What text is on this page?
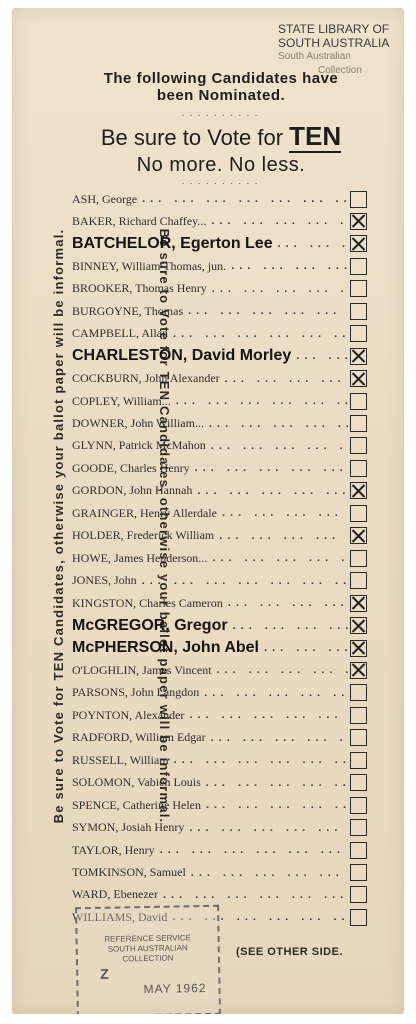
STATE LIBRARY OF
SOUTH AUSTRALIA
South Australian
Collection
The following Candidates have
been Nominated.
· · · · · · · · · ·
Be sure to Vote for TEN
No more. No less.
· · · · · · · · · ·
Be sure to Vote for TEN Candidates, otherwise your ballot paper will be informal.	Be sure to Vote for TEN Candidates, otherwise your ballot paper will be informal.
ASH, George
... .
BAKER, Richard Chaffey...
... .
BATCHELOR, Egerton Lee
... .
BINNEY, William Thomas, jun.
... .
BROOKER, Thomas Henry
... .
BURGOYNE, Thomas
... .
CAMPBELL, Allan
... .
CHARLESTON, David Morley
... .
COCKBURN, John Alexander
... .
COPLEY, William...
... .
DOWNER, John William...
... .
GLYNN, Patrick McMahon
... .
GOODE, Charles Henry
... .
GORDON, John Hannah
... .
GRAINGER, Henry Allerdale
... .
HOLDER, Frederick William
... .
HOWE, James Henderson...
... .
JONES, John
... .
KINGSTON, Charles Cameron
... .
McGREGOR, Gregor
... .
McPHERSON, John Abel
... .
O'LOGHLIN, James Vincent
... .
PARSONS, John Langdon
... .
POYNTON, Alexander
... .
RADFORD, William Edgar
... .
RUSSELL, William
... .
SOLOMON, Vabien Louis
... .
SPENCE, Catherine Helen
... .
SYMON, Josiah Henry
... .
TAYLOR, Henry
... .
TOMKINSON, Samuel
... .
WARD, Ebenezer
... .
WILLIAMS, David
... .
(SEE OTHER SIDE.
REFERENCE SERVICE
SOUTH AUSTRALIAN
COLLECTION
Z
MAY 1962
